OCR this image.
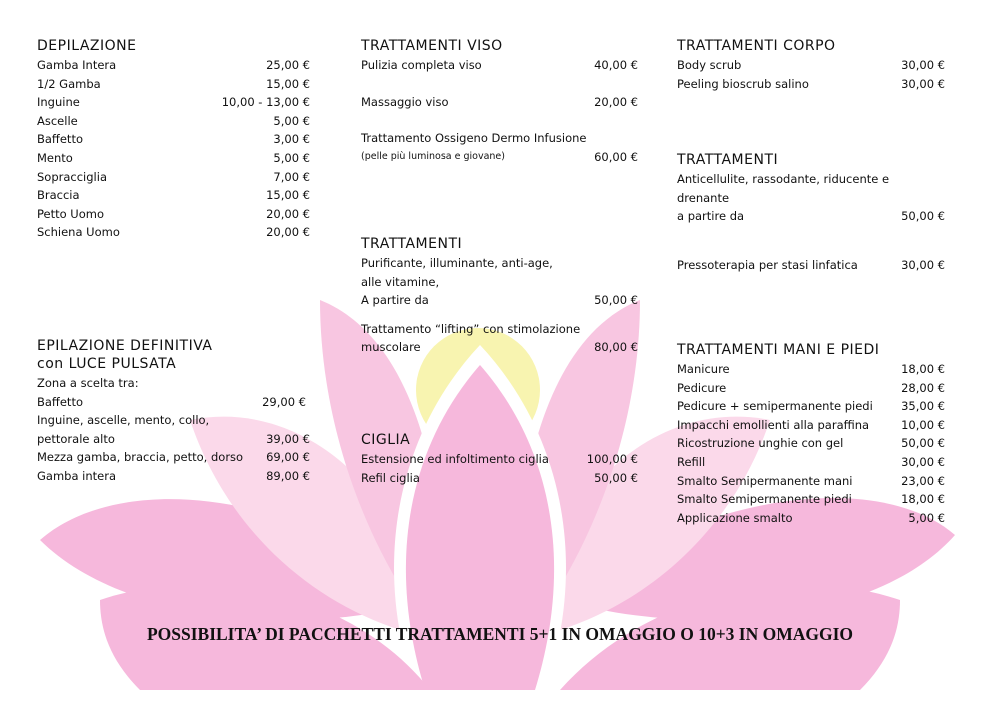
DEPILAZIONE
Gamba Intera	25,00 €
1/2 Gamba	15,00 €
Inguine	10,00 - 13,00 €
Ascelle	5,00 €
Baffetto	3,00 €
Mento	5,00 €
Sopracciglia	7,00 €
Braccia	15,00 €
Petto Uomo	20,00 €
Schiena Uomo	20,00 €
EPILAZIONE DEFINITIVA
con LUCE PULSATA
Zona a scelta tra:
Baffetto	29,00 €
Inguine, ascelle, mento, collo,
pettorale alto	39,00 €
Mezza gamba, braccia, petto, dorso 69,00 €
Gamba intera	89,00 €
TRATTAMENTI VISO
Pulizia completa viso	40,00 €
Massaggio viso	20,00 €
Trattamento Ossigeno Dermo Infusione
(pelle più luminosa e giovane)	60,00 €
TRATTAMENTI
Purificante, illuminante, anti-age,
alle vitamine,
A partire da	50,00 €
Trattamento “lifting” con stimolazione
muscolare	80,00 €
CIGLIA
Estensione ed infoltimento ciglia	100,00 €
Refil ciglia	50,00 €
TRATTAMENTI CORPO
Body scrub	30,00 €
Peeling bioscrub salino	30,00 €
TRATTAMENTI
Anticellulite, rassodante, riducente e
drenante
a partire da	50,00 €
Pressoterapia per stasi linfatica	30,00 €
TRATTAMENTI MANI E PIEDI
Manicure	18,00 €
Pedicure	28,00 €
Pedicure + semipermanente piedi 35,00 €
Impacchi emollienti alla paraffina	10,00 €
Ricostruzione unghie con gel	50,00 €
Refill	30,00 €
Smalto Semipermanente mani	23,00 €
Smalto Semipermanente piedi	18,00 €
Applicazione smalto	5,00 €
POSSIBILITA’ DI PACCHETTI TRATTAMENTI 5+1 IN OMAGGIO O 10+3 IN OMAGGIO
